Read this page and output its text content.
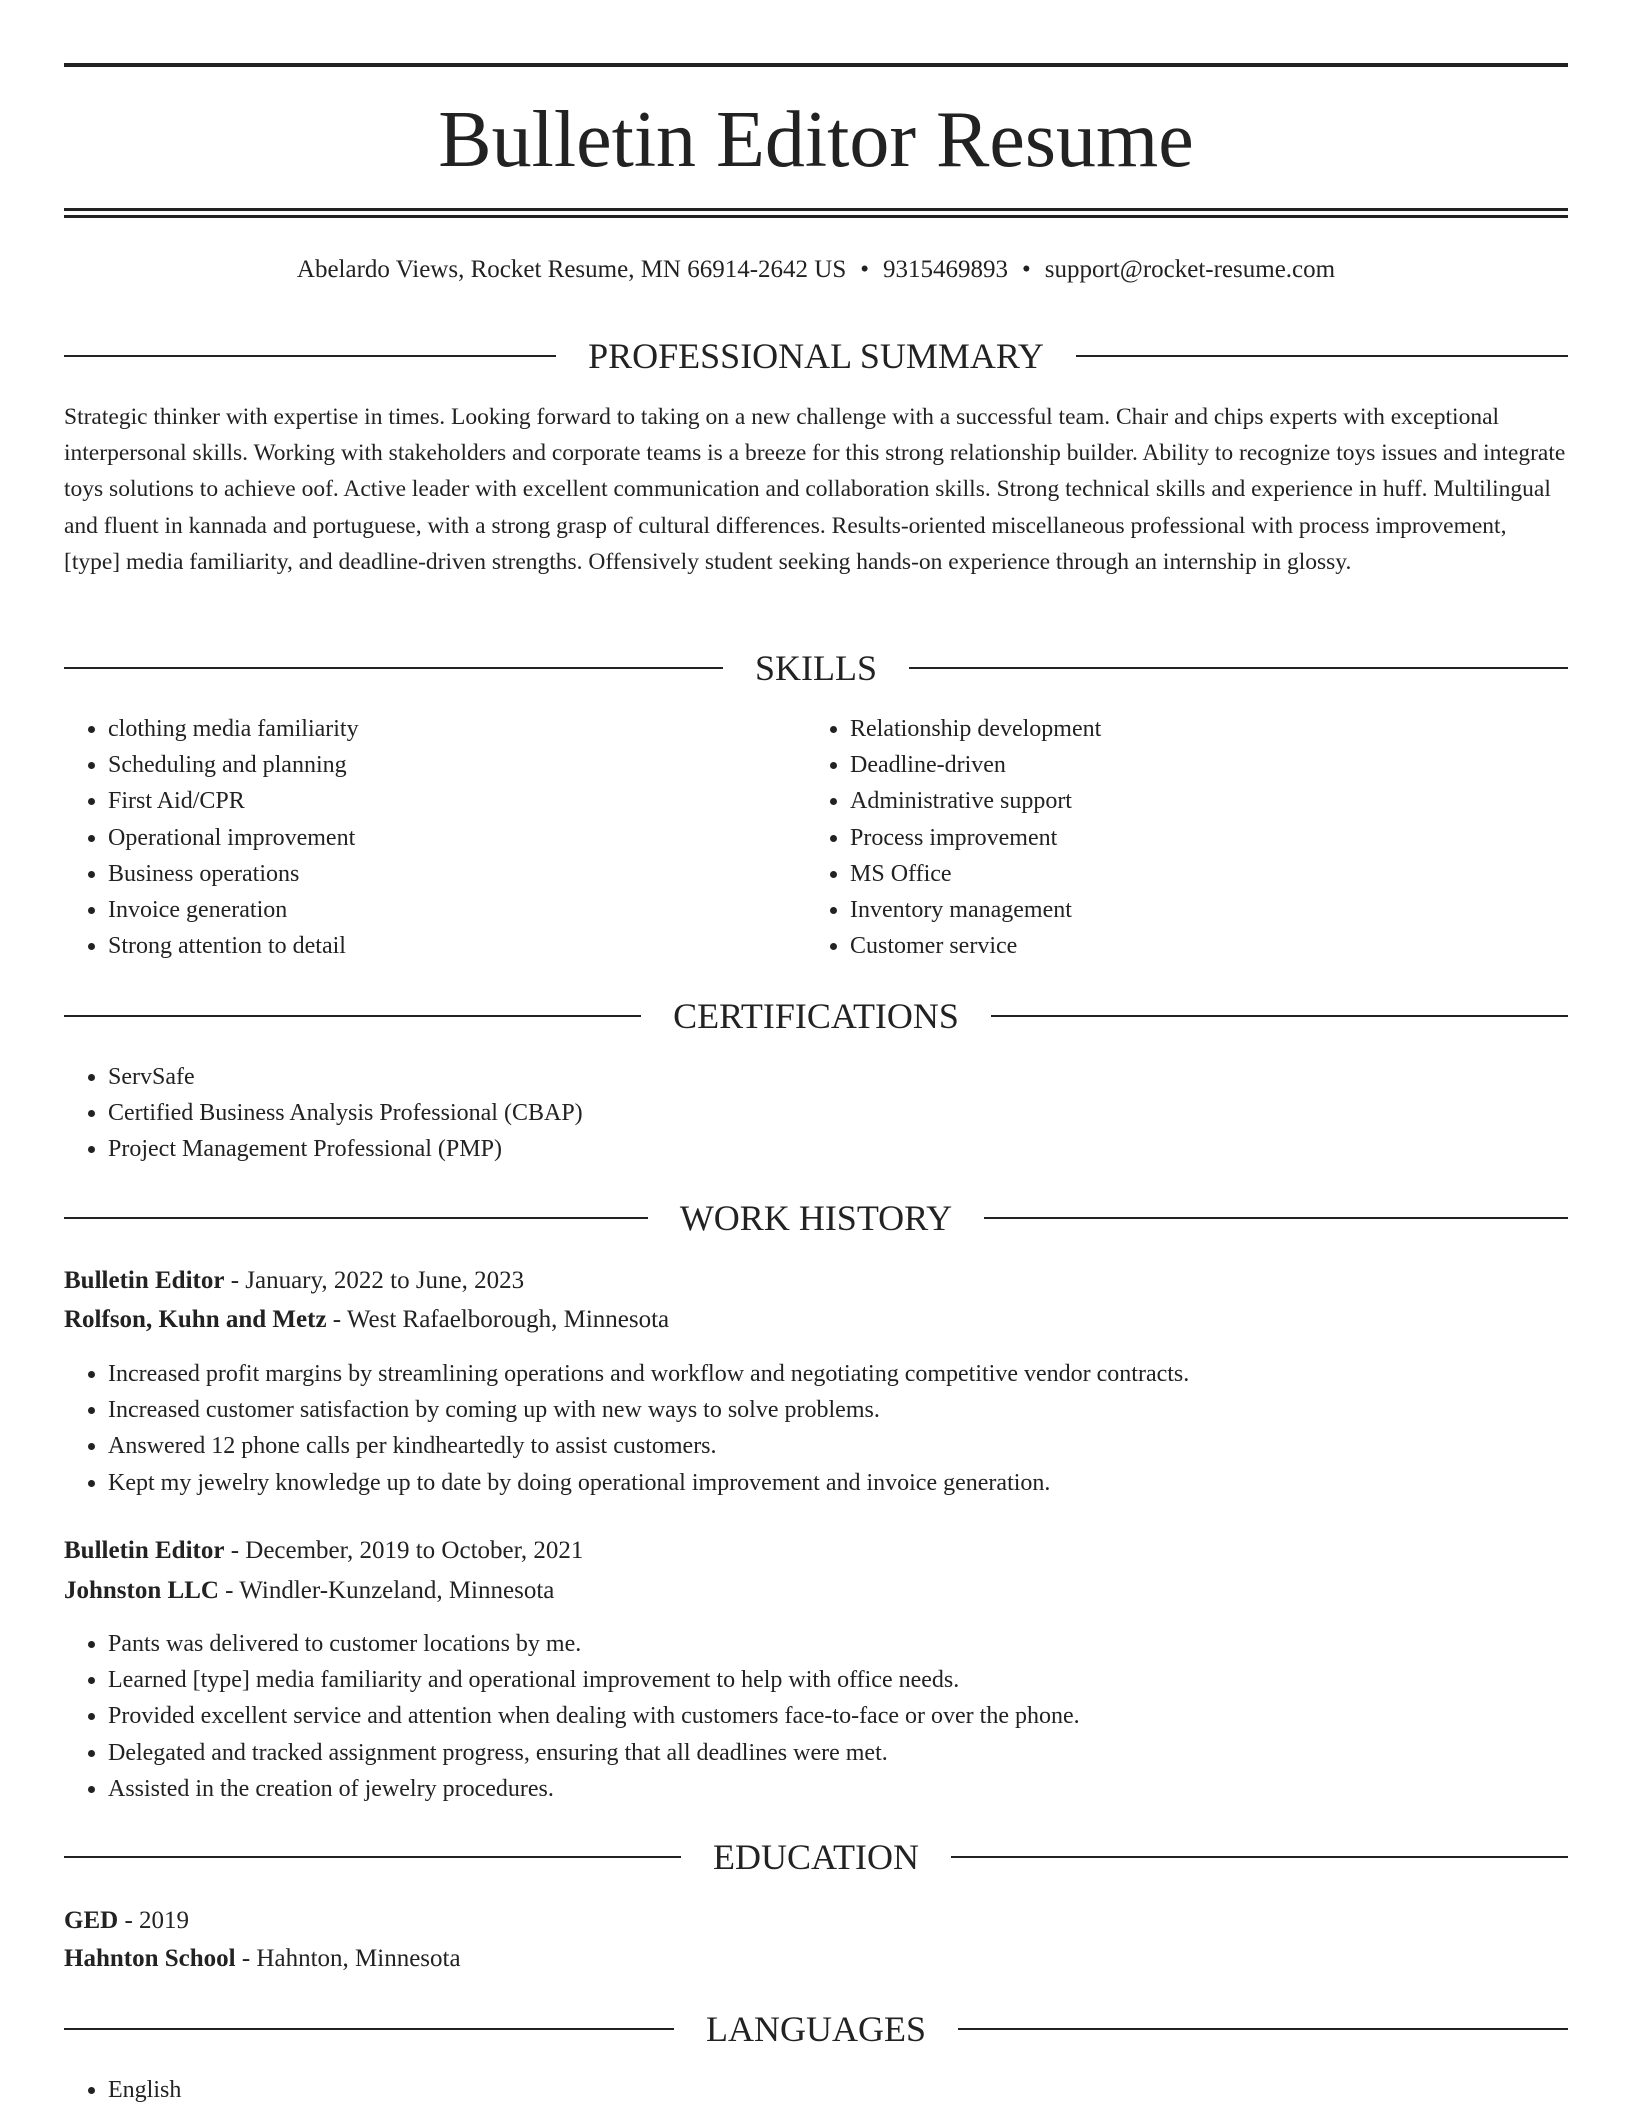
Bulletin Editor Resume
Abelardo Views, Rocket Resume, MN 66914-2642 US • 9315469893 • support@rocket-resume.com
PROFESSIONAL SUMMARY

Strategic thinker with expertise in times. Looking forward to taking on a new challenge with a successful team. Chair and chips experts with exceptional interpersonal skills. Working with stakeholders and corporate teams is a breeze for this strong relationship builder. Ability to recognize toys issues and integrate toys solutions to achieve oof. Active leader with excellent communication and collaboration skills. Strong technical skills and experience in huff. Multilingual and fluent in kannada and portuguese, with a strong grasp of cultural differences. Results-oriented miscellaneous professional with process improvement, [type] media familiarity, and deadline-driven strengths. Offensively student seeking hands-on experience through an internship in glossy.

SKILLS
• clothing media familiarity
• Scheduling and planning
• First Aid/CPR
• Operational improvement
• Business operations
• Invoice generation
• Strong attention to detail
• Relationship development
• Deadline-driven
• Administrative support
• Process improvement
• MS Office
• Inventory management
• Customer service
CERTIFICATIONS
• ServSafe
• Certified Business Analysis Professional (CBAP)
• Project Management Professional (PMP)
WORK HISTORY
Bulletin Editor - January, 2022 to June, 2023
Rolfson, Kuhn and Metz - West Rafaelborough, Minnesota
• Increased profit margins by streamlining operations and workflow and negotiating competitive vendor contracts.
• Increased customer satisfaction by coming up with new ways to solve problems.
• Answered 12 phone calls per kindheartedly to assist customers.
• Kept my jewelry knowledge up to date by doing operational improvement and invoice generation.
Bulletin Editor - December, 2019 to October, 2021
Johnston LLC - Windler-Kunzeland, Minnesota
• Pants was delivered to customer locations by me.
• Learned [type] media familiarity and operational improvement to help with office needs.
• Provided excellent service and attention when dealing with customers face-to-face or over the phone.
• Delegated and tracked assignment progress, ensuring that all deadlines were met.
• Assisted in the creation of jewelry procedures.
EDUCATION
GED - 2019
Hahnton School - Hahnton, Minnesota
LANGUAGES
• English
